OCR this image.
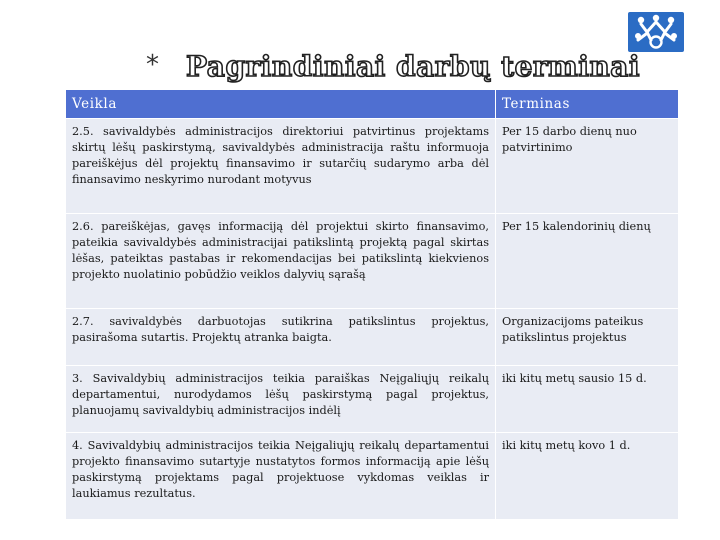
* Pagrindiniai darbų terminai
Veikla	Terminas
2.5. savivaldybės administracijos direktoriui patvirtinus projektams skirtų lėšų paskirstymą, savivaldybės administracija raštu informuoja pareiškėjus dėl projektų finansavimo ir sutarčių sudarymo arba dėl finansavimo neskyrimo nurodant motyvus	Per 15 darbo dienų nuo patvirtinimo
2.6. pareiškėjas, gavęs informaciją dėl projektui skirto finansavimo, pateikia savivaldybės administracijai patikslintą projektą pagal skirtas lėšas, pateiktas pastabas ir rekomendacijas bei patikslintą kiekvienos projekto nuolatinio pobūdžio veiklos dalyvių sąrašą	Per 15 kalendorinių dienų
2.7. savivaldybės darbuotojas sutikrina patikslintus projektus, pasirašoma sutartis. Projektų atranka baigta.	Organizacijoms pateikus patikslintus projektus
3. Savivaldybių administracijos teikia paraiškas Neįgaliųjų reikalų departamentui, nurodydamos lėšų paskirstymą pagal projektus, planuojamų savivaldybių administracijos indėlį	iki kitų metų sausio 15 d.
4. Savivaldybių administracijos teikia Neįgaliųjų reikalų departamentui projekto finansavimo sutartyje nustatytos formos informaciją apie lėšų paskirstymą projektams pagal projektuose vykdomas veiklas ir laukiamus rezultatus.	iki kitų metų kovo 1 d.
